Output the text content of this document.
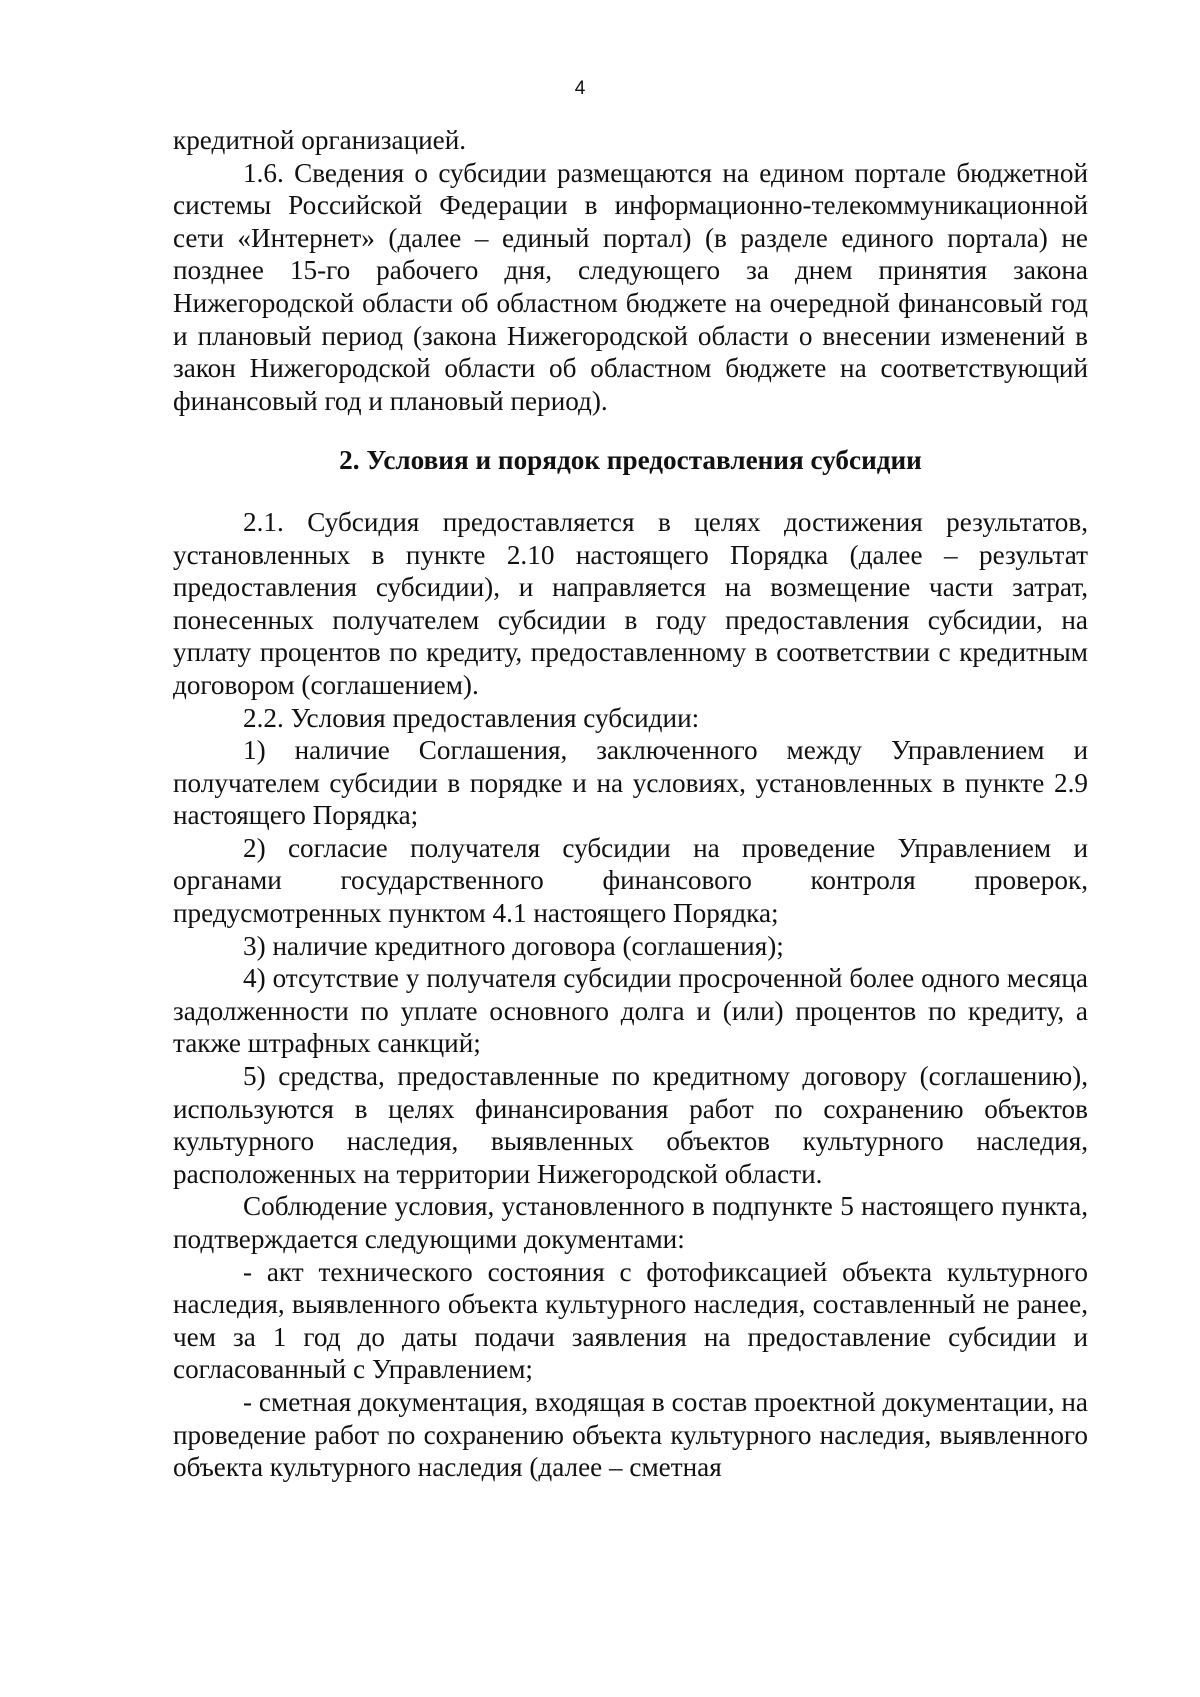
4

кредитной организацией.

1.6. Сведения о субсидии размещаются на едином портале бюджетной системы Российской Федерации в информационно-телекоммуникационной сети «Интернет» (далее – единый портал) (в разделе единого портала) не позднее 15-го рабочего дня, следующего за днем принятия закона Нижегородской области об областном бюджете на очередной финансовый год и плановый период (закона Нижегородской области о внесении изменений в закон Нижегородской области об областном бюджете на соответствующий финансовый год и плановый период).

2. Условия и порядок предоставления субсидии

2.1. Субсидия предоставляется в целях достижения результатов, установленных в пункте 2.10 настоящего Порядка (далее – результат предоставления субсидии), и направляется на возмещение части затрат, понесенных получателем субсидии в году предоставления субсидии, на уплату процентов по кредиту, предоставленному в соответствии с кредитным договором (соглашением).

2.2. Условия предоставления субсидии:

1) наличие Соглашения, заключенного между Управлением и получателем субсидии в порядке и на условиях, установленных в пункте 2.9 настоящего Порядка;

2) согласие получателя субсидии на проведение Управлением и органами государственного финансового контроля проверок, предусмотренных пунктом 4.1 настоящего Порядка;

3) наличие кредитного договора (соглашения);

4) отсутствие у получателя субсидии просроченной более одного месяца задолженности по уплате основного долга и (или) процентов по кредиту, а также штрафных санкций;

5) средства, предоставленные по кредитному договору (соглашению), используются в целях финансирования работ по сохранению объектов культурного наследия, выявленных объектов культурного наследия, расположенных на территории Нижегородской области.

Соблюдение условия, установленного в подпункте 5 настоящего пункта, подтверждается следующими документами:

- акт технического состояния с фотофиксацией объекта культурного наследия, выявленного объекта культурного наследия, составленный не ранее, чем за 1 год до даты подачи заявления на предоставление субсидии и согласованный с Управлением;

- сметная документация, входящая в состав проектной документации, на проведение работ по сохранению объекта культурного наследия, выявленного объекта культурного наследия (далее – сметная
